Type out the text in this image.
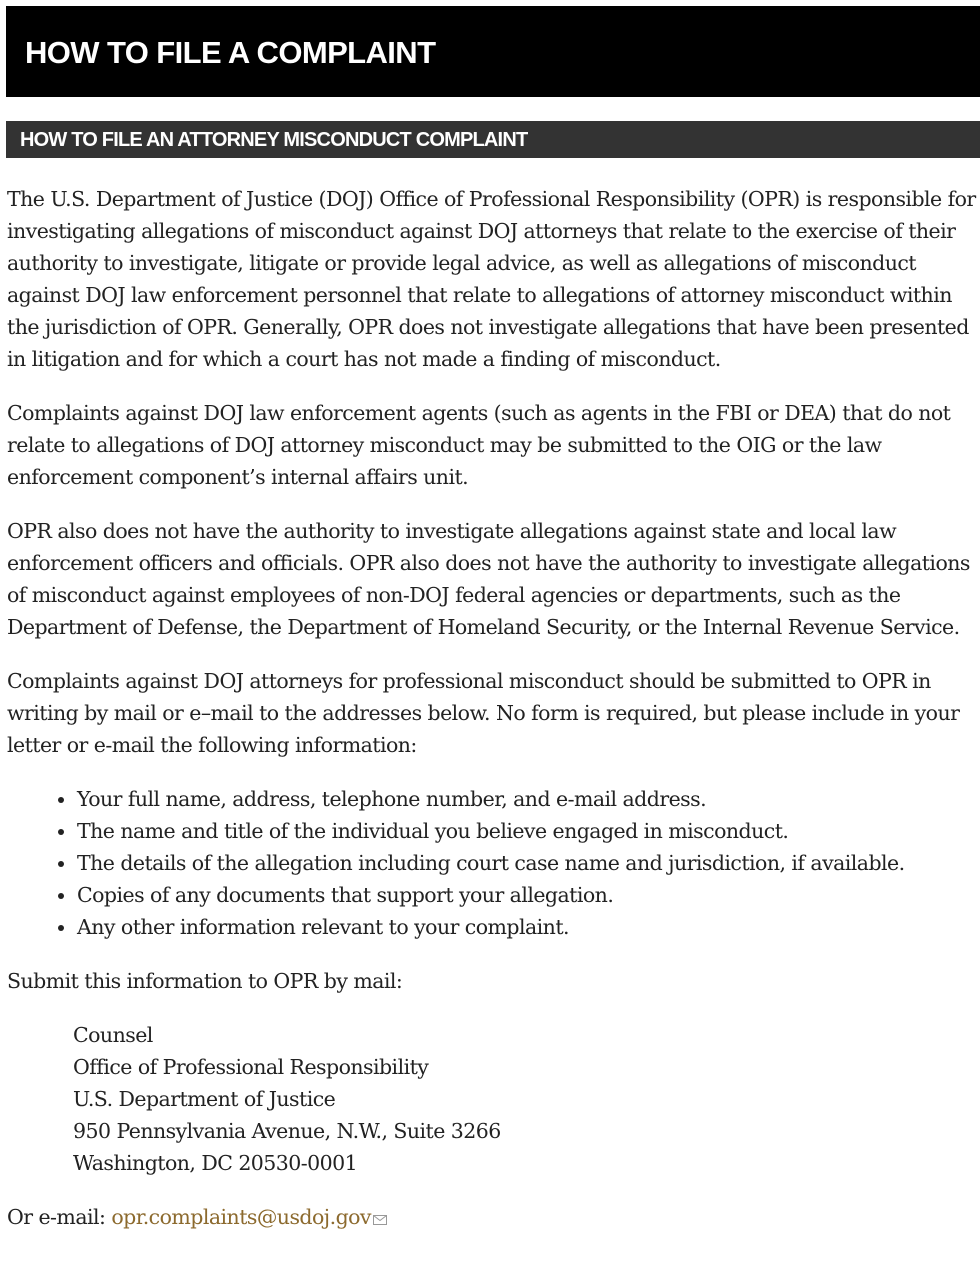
HOW TO FILE A COMPLAINT
HOW TO FILE AN ATTORNEY MISCONDUCT COMPLAINT

The U.S. Department of Justice (DOJ) Office of Professional Responsibility (OPR) is responsible for investigating allegations of misconduct against DOJ attorneys that relate to the exercise of their authority to investigate, litigate or provide legal advice, as well as allegations of misconduct against DOJ law enforcement personnel that relate to allegations of attorney misconduct within the jurisdiction of OPR. Generally, OPR does not investigate allegations that have been presented in litigation and for which a court has not made a finding of misconduct.

Complaints against DOJ law enforcement agents (such as agents in the FBI or DEA) that do not relate to allegations of DOJ attorney misconduct may be submitted to the OIG or the law enforcement component’s internal affairs unit.

OPR also does not have the authority to investigate allegations against state and local law enforcement officers and officials. OPR also does not have the authority to investigate allegations of misconduct against employees of non-DOJ federal agencies or departments, such as the Department of Defense, the Department of Homeland Security, or the Internal Revenue Service.

Complaints against DOJ attorneys for professional misconduct should be submitted to OPR in writing by mail or e–mail to the addresses below. No form is required, but please include in your letter or e-mail the following information:

• Your full name, address, telephone number, and e-mail address.
• The name and title of the individual you believe engaged in misconduct.
• The details of the allegation including court case name and jurisdiction, if available.
• Copies of any documents that support your allegation.
• Any other information relevant to your complaint.

Submit this information to OPR by mail:

Counsel
Office of Professional Responsibility
U.S. Department of Justice
950 Pennsylvania Avenue, N.W., Suite 3266
Washington, DC 20530-0001

Or e-mail: opr.complaints@usdoj.gov
